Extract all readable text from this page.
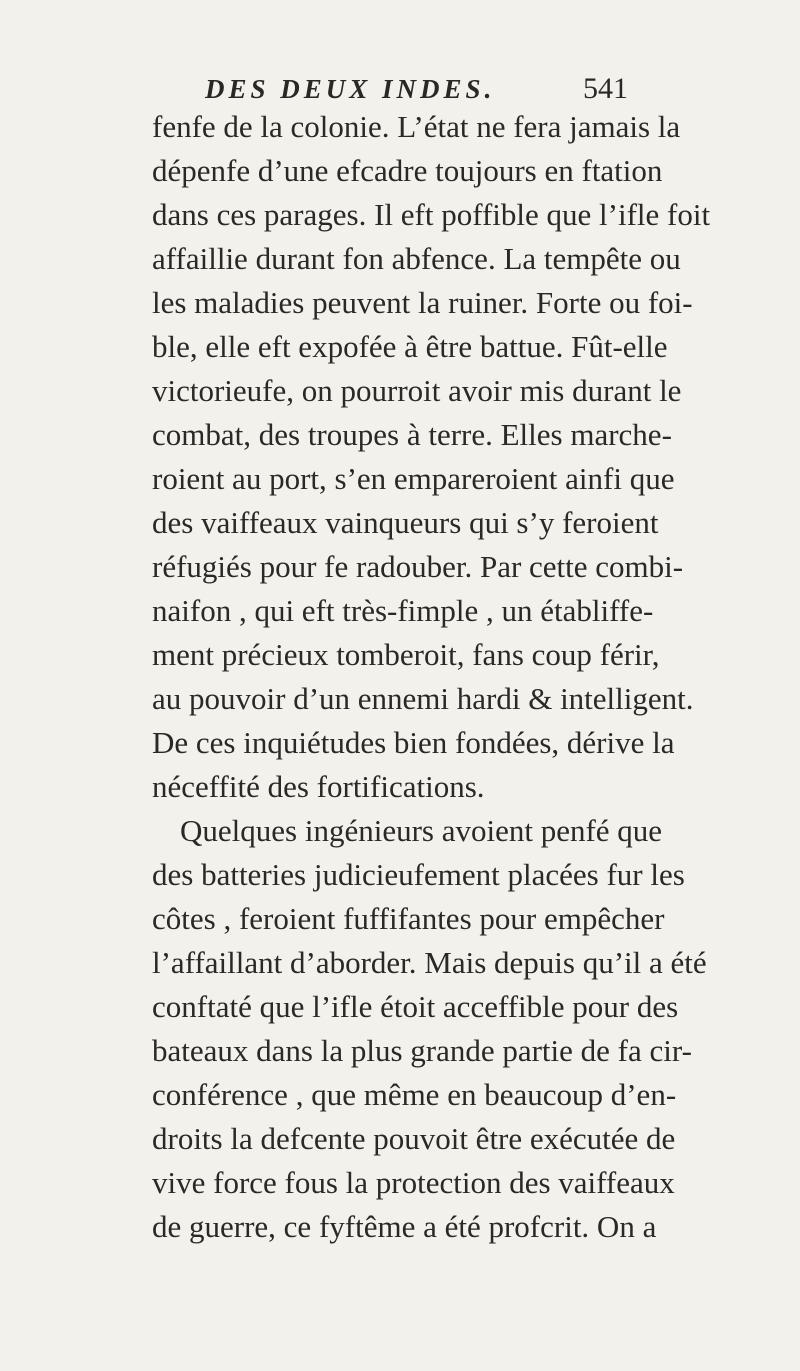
DES DEUX INDES.	541
fenfe de la colonie. L’état ne fera jamais la
dépenfe d’une efcadre toujours en ftation
dans ces parages. Il eft poffible que l’ifle foit
affaillie durant fon abfence. La tempête ou
les maladies peuvent la ruiner. Forte ou foi-
ble, elle eft expofée à être battue. Fût-elle
victorieufe, on pourroit avoir mis durant le
combat, des troupes à terre. Elles marche-
roient au port, s’en empareroient ainfi que
des vaiffeaux vainqueurs qui s’y feroient
réfugiés pour fe radouber. Par cette combi-
naifon , qui eft très-fimple , un établiffe-
ment précieux tomberoit, fans coup férir,
au pouvoir d’un ennemi hardi & intelligent.
De ces inquiétudes bien fondées, dérive la
néceffité des fortifications.
Quelques ingénieurs avoient penfé que
des batteries judicieufement placées fur les
côtes , feroient fuffifantes pour empêcher
l’affaillant d’aborder. Mais depuis qu’il a été
conftaté que l’ifle étoit acceffible pour des
bateaux dans la plus grande partie de fa cir-
conférence , que même en beaucoup d’en-
droits la defcente pouvoit être exécutée de
vive force fous la protection des vaiffeaux
de guerre, ce fyftême a été profcrit. On a
